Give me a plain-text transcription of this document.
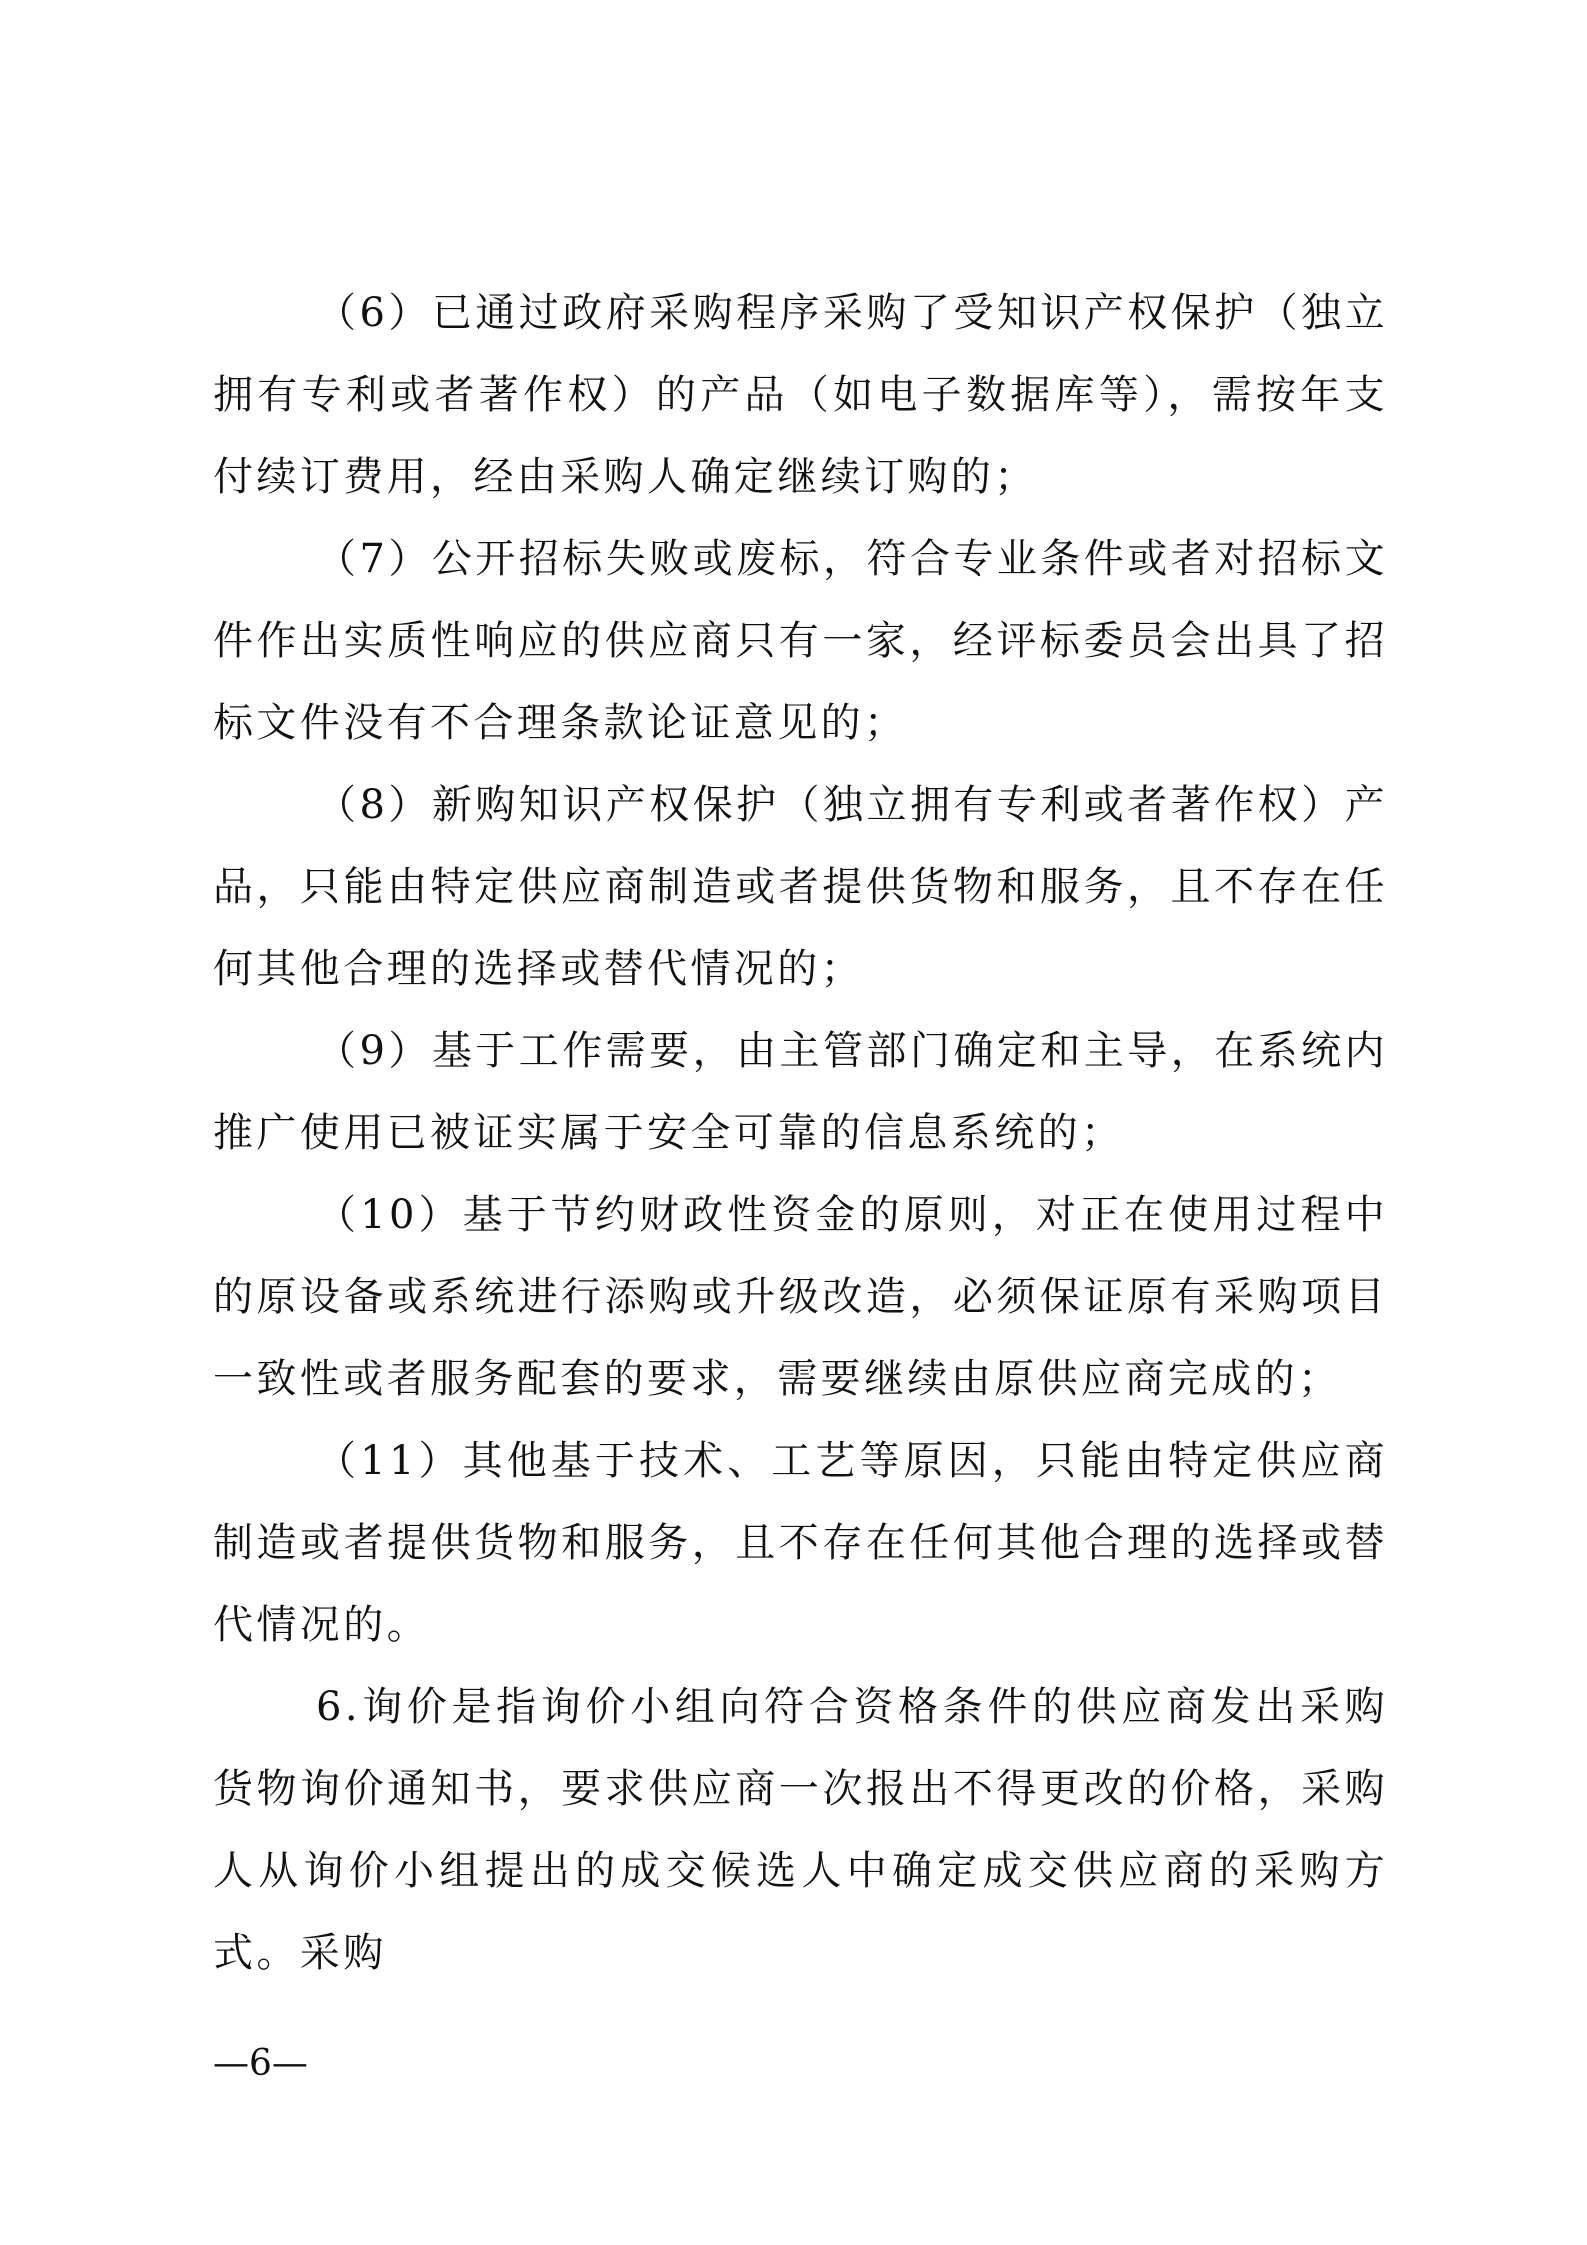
（6）已通过政府采购程序采购了受知识产权保护（独立拥有专利或者著作权）的产品（如电子数据库等），需按年支付续订费用，经由采购人确定继续订购的；

（7）公开招标失败或废标，符合专业条件或者对招标文件作出实质性响应的供应商只有一家，经评标委员会出具了招标文件没有不合理条款论证意见的；

（8）新购知识产权保护（独立拥有专利或者著作权）产品，只能由特定供应商制造或者提供货物和服务，且不存在任何其他合理的选择或替代情况的；

（9）基于工作需要，由主管部门确定和主导，在系统内推广使用已被证实属于安全可靠的信息系统的；

（10）基于节约财政性资金的原则，对正在使用过程中的原设备或系统进行添购或升级改造，必须保证原有采购项目一致性或者服务配套的要求，需要继续由原供应商完成的；

（11）其他基于技术、工艺等原因，只能由特定供应商制造或者提供货物和服务，且不存在任何其他合理的选择或替代情况的。

6.询价是指询价小组向符合资格条件的供应商发出采购货物询价通知书，要求供应商一次报出不得更改的价格，采购人从询价小组提出的成交候选人中确定成交供应商的采购方式。采购

—6—
